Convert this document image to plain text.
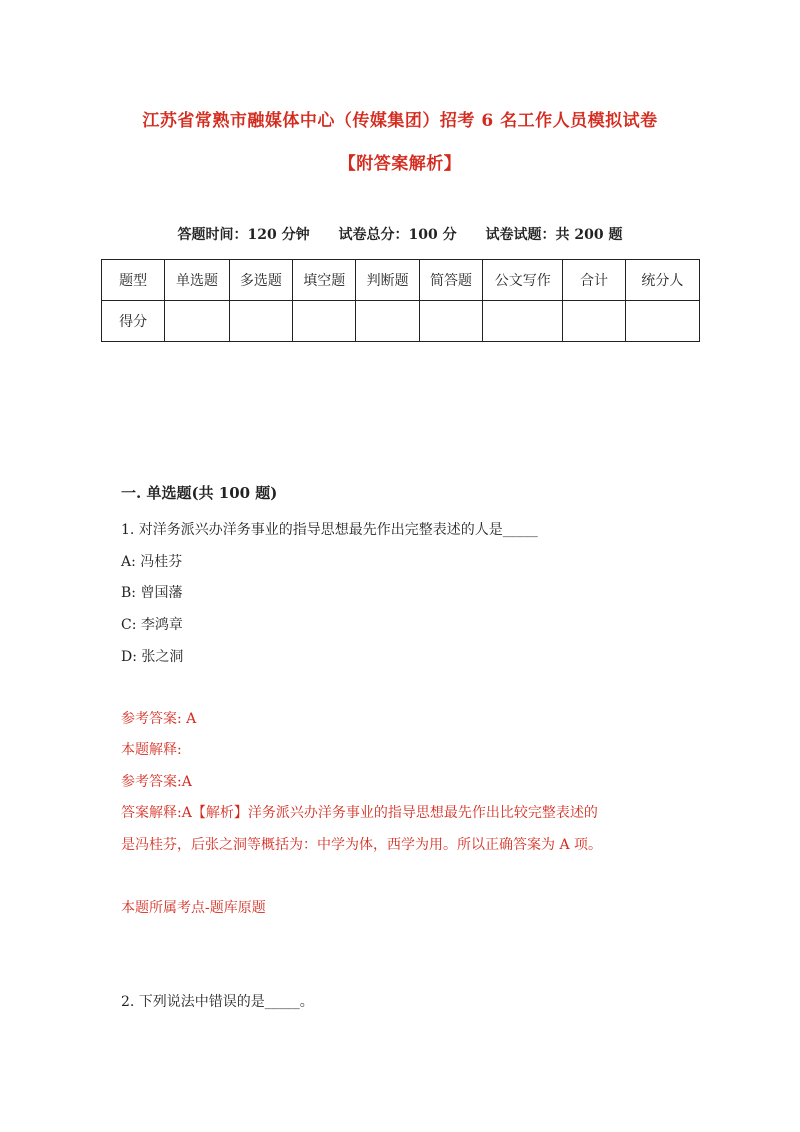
江苏省常熟市融媒体中心（传媒集团）招考 6 名工作人员模拟试卷
【附答案解析】
答题时间：120 分钟 试卷总分：100 分 试卷试题：共 200 题
题型	单选题	多选题	填空题	判断题	简答题	公文写作	合计	统分人
得分								
一. 单选题(共 100 题)
1. 对洋务派兴办洋务事业的指导思想最先作出完整表述的人是_____
A: 冯桂芬
B: 曾国藩
C: 李鸿章
D: 张之洞
参考答案: A
本题解释:
参考答案:A
答案解释:A【解析】洋务派兴办洋务事业的指导思想最先作出比较完整表述的
是冯桂芬，后张之洞等概括为：中学为体，西学为用。所以正确答案为 A 项。
本题所属考点-题库原题
2. 下列说法中错误的是_____。
